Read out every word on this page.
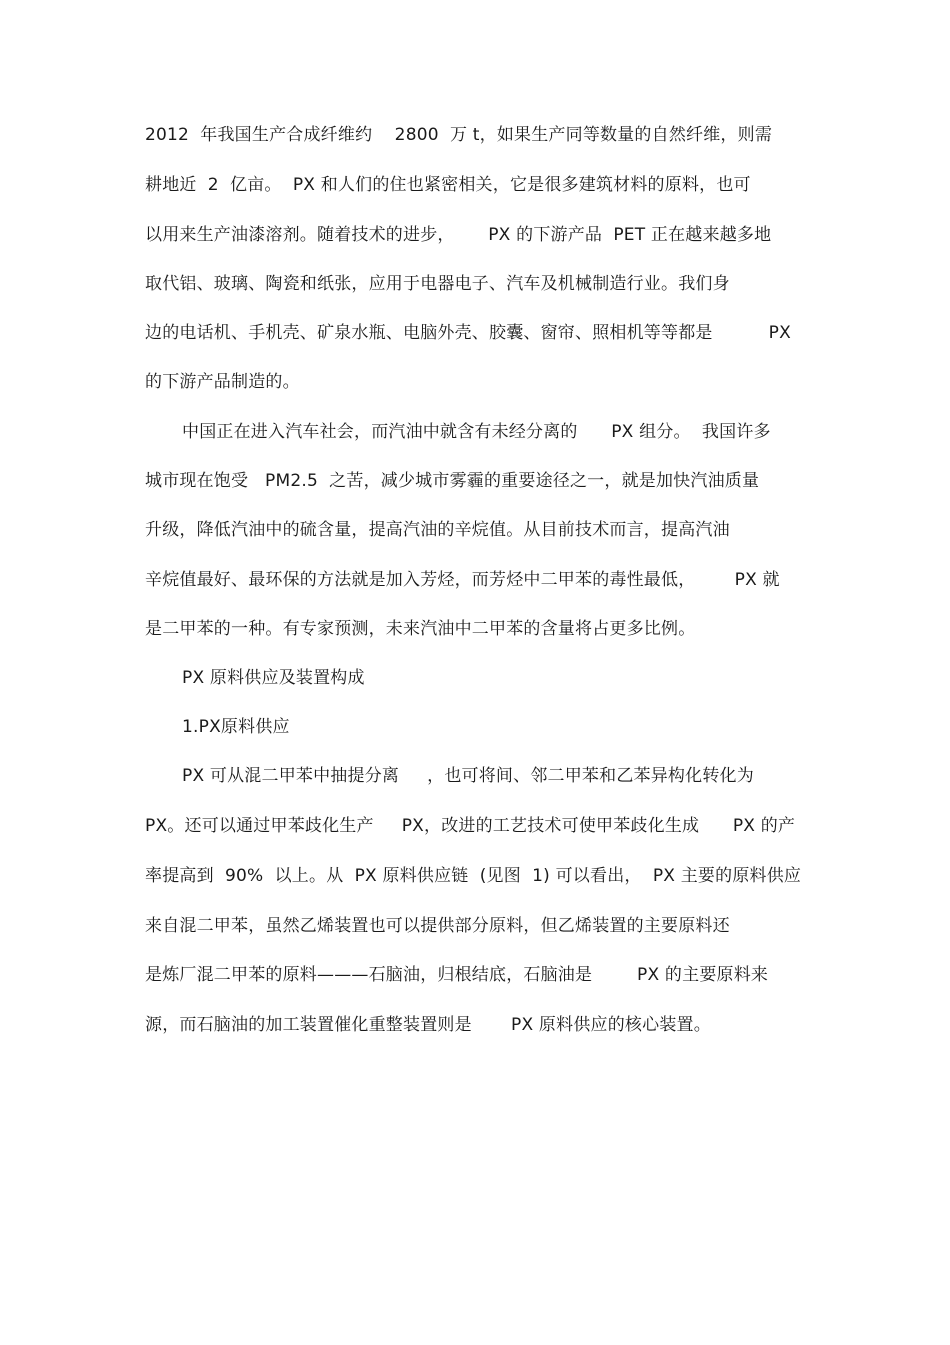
2012  年我国生产合成纤维约    2800  万 t，如果生产同等数量的自然纤维，则需
耕地近  2  亿亩。  PX 和人们的住也紧密相关，它是很多建筑材料的原料，也可
以用来生产油漆溶剂。随着技术的进步，      PX 的下游产品  PET 正在越来越多地
取代铝、玻璃、陶瓷和纸张，应用于电器电子、汽车及机械制造行业。我们身
边的电话机、手机壳、矿泉水瓶、电脑外壳、胶囊、窗帘、照相机等等都是          PX
的下游产品制造的。
中国正在进入汽车社会，而汽油中就含有未经分离的      PX 组分。  我国许多
城市现在饱受   PM2.5  之苦，减少城市雾霾的重要途径之一，就是加快汽油质量
升级，降低汽油中的硫含量，提高汽油的辛烷值。从目前技术而言，提高汽油
辛烷值最好、最环保的方法就是加入芳烃，而芳烃中二甲苯的毒性最低，       PX 就
是二甲苯的一种。有专家预测，未来汽油中二甲苯的含量将占更多比例。
PX 原料供应及装置构成
1.PX原料供应
PX 可从混二甲苯中抽提分离     ，也可将间、邻二甲苯和乙苯异构化转化为
PX。还可以通过甲苯歧化生产     PX，改进的工艺技术可使甲苯歧化生成      PX 的产
率提高到  90%  以上。从  PX 原料供应链  (见图  1) 可以看出，  PX 主要的原料供应
来自混二甲苯，虽然乙烯装置也可以提供部分原料，但乙烯装置的主要原料还
是炼厂混二甲苯的原料———石脑油，归根结底，石脑油是        PX 的主要原料来
源，而石脑油的加工装置催化重整装置则是       PX 原料供应的核心装置。
